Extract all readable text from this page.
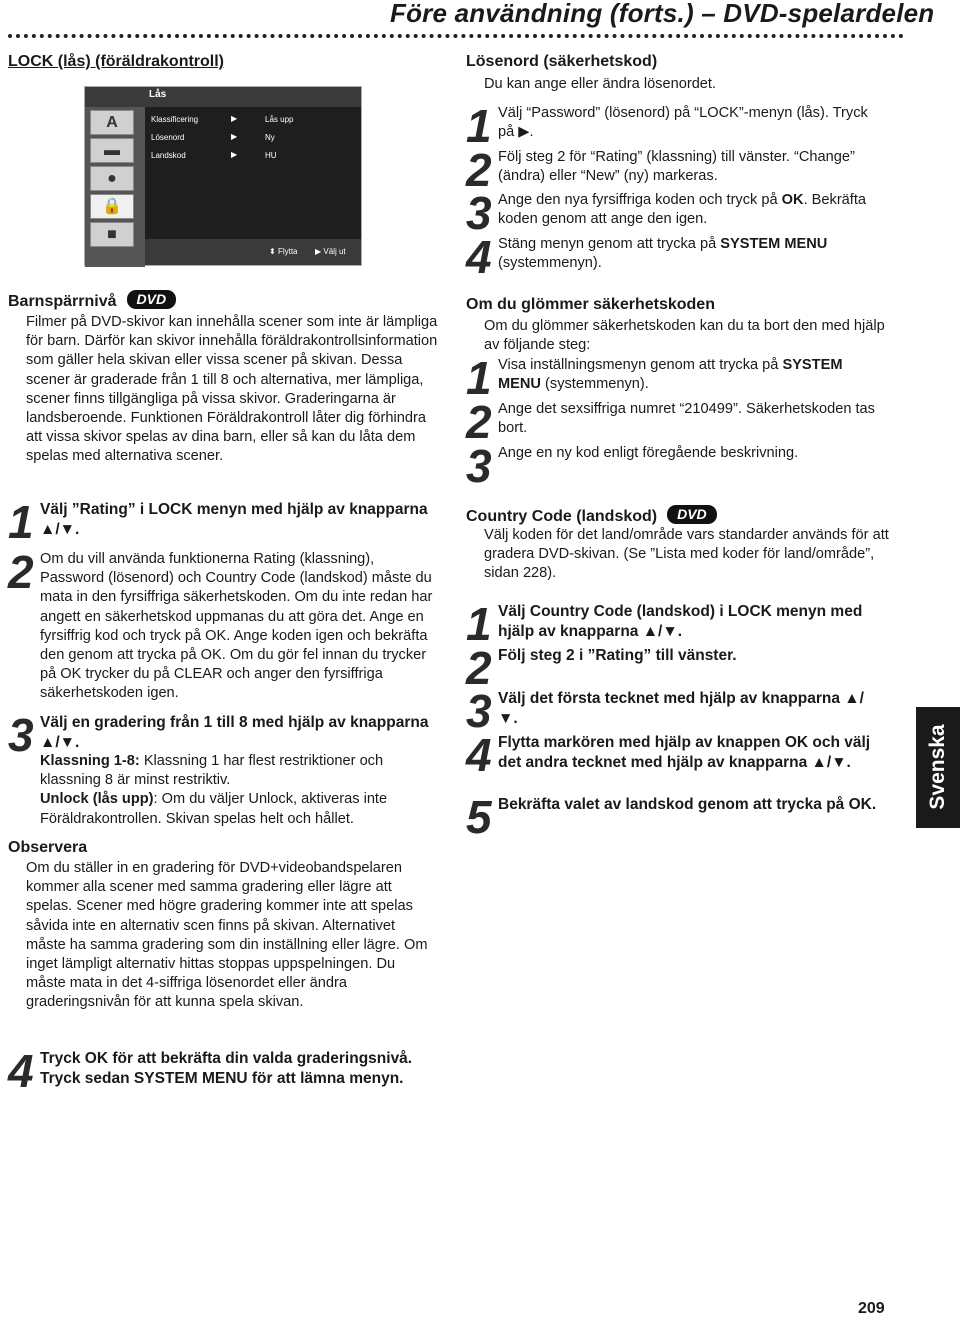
Före användning (forts.) – DVD-spelardelen
LOCK (lås) (föräldrakontroll)
Lås
A
▬
●
🔒
■
Klassificering	▶	Lås upp
Lösenord	▶	Ny
Landskod	▶	HU
⬍ Flytta ▶ Välj ut
Barnspärrnivå DVD
Filmer på DVD-skivor kan innehålla scener som inte är lämpliga för barn. Därför kan skivor innehålla föräldrakontrollsinformation som gäller hela skivan eller vissa scener på skivan. Dessa scener är graderade från 1 till 8 och alternativa, mer lämpliga, scener finns tillgängliga på vissa skivor. Graderingarna är landsberoende. Funktionen Föräldrakontroll låter dig förhindra att vissa skivor spelas av dina barn, eller så kan du låta dem spelas med alternativa scener.
1 Välj ”Rating” i LOCK menyn med hjälp av knapparna ▲/▼.
2 Om du vill använda funktionerna Rating (klassning), Password (lösenord) och Country Code (landskod) måste du mata in den fyrsiffriga säkerhetskoden. Om du inte redan har angett en säkerhetskod uppmanas du att göra det. Ange en fyrsiffrig kod och tryck på OK. Ange koden igen och bekräfta den genom att trycka på OK. Om du gör fel innan du trycker på OK trycker du på CLEAR och anger den fyrsiffriga säkerhetskoden igen.
3 Välj en gradering från 1 till 8 med hjälp av knapparna ▲/▼.
Klassning 1-8: Klassning 1 har flest restriktioner och klassning 8 är minst restriktiv.
Unlock (lås upp): Om du väljer Unlock, aktiveras inte Föräldrakontrollen. Skivan spelas helt och hållet.
Observera
Om du ställer in en gradering för DVD+videobandspelaren kommer alla scener med samma gradering eller lägre att spelas. Scener med högre gradering kommer inte att spelas såvida inte en alternativ scen finns på skivan. Alternativet måste ha samma gradering som din inställning eller lägre. Om inget lämpligt alternativ hittas stoppas uppspelningen. Du måste mata in det 4-siffriga lösenordet eller ändra graderingsnivån för att kunna spela skivan.
4 Tryck OK för att bekräfta din valda graderingsnivå. Tryck sedan SYSTEM MENU för att lämna menyn.
Lösenord (säkerhetskod)
Du kan ange eller ändra lösenordet.
1 Välj “Password” (lösenord) på “LOCK”-menyn (lås). Tryck på ▶.
2 Följ steg 2 för “Rating” (klassning) till vänster. “Change” (ändra) eller “New” (ny) markeras.
3 Ange den nya fyrsiffriga koden och tryck på OK. Bekräfta koden genom att ange den igen.
4 Stäng menyn genom att trycka på SYSTEM MENU (systemmenyn).
Om du glömmer säkerhetskoden
Om du glömmer säkerhetskoden kan du ta bort den med hjälp av följande steg:
1 Visa inställningsmenyn genom att trycka på SYSTEM MENU (systemmenyn).
2 Ange det sexsiffriga numret “210499”. Säkerhetskoden tas bort.
3 Ange en ny kod enligt föregående beskrivning.
Country Code (landskod) DVD
Välj koden för det land/område vars standarder används för att gradera DVD-skivan. (Se ”Lista med koder för land/område”, sidan 228).
1 Välj Country Code (landskod) i LOCK menyn med hjälp av knapparna ▲/▼.
2 Följ steg 2 i ”Rating” till vänster.
3 Välj det första tecknet med hjälp av knapparna ▲/▼.
4 Flytta markören med hjälp av knappen OK och välj det andra tecknet med hjälp av knapparna ▲/▼.
5 Bekräfta valet av landskod genom att trycka på OK.	Svenska
209
